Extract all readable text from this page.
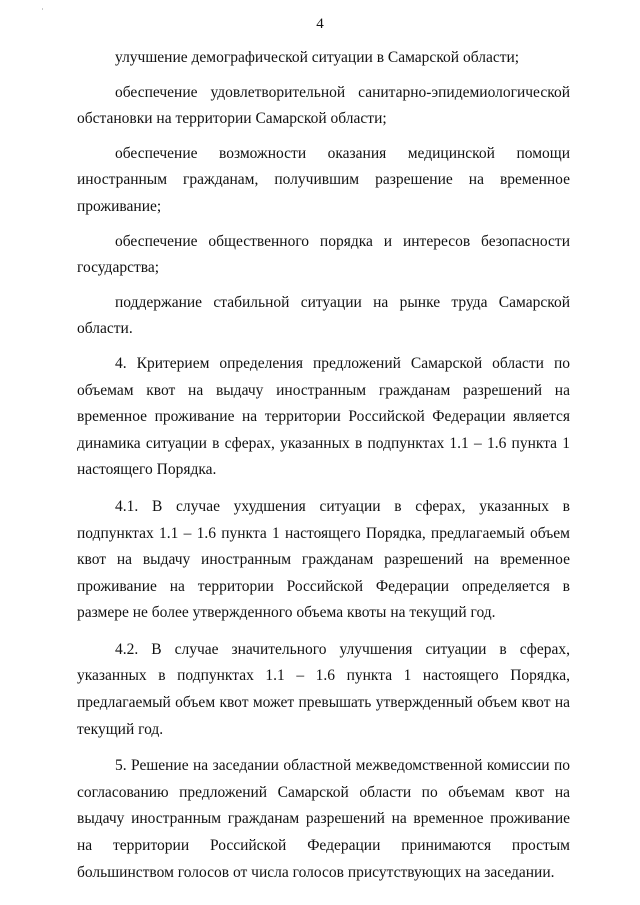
ʿ
4

улучшение демографической ситуации в Самарской области;

обеспечение удовлетворительной санитарно-эпидемиологической обстановки на территории Самарской области;

обеспечение возможности оказания медицинской помощи иностранным гражданам, получившим разрешение на временное проживание;

обеспечение общественного порядка и интересов безопасности государства;

поддержание стабильной ситуации на рынке труда Самарской области.

4. Критерием определения предложений Самарской области по объемам квот на выдачу иностранным гражданам разрешений на временное проживание на территории Российской Федерации является динамика ситуации в сферах, указанных в подпунктах 1.1 – 1.6 пункта 1 настоящего Порядка.

4.1. В случае ухудшения ситуации в сферах, указанных в подпунктах 1.1 – 1.6 пункта 1 настоящего Порядка, предлагаемый объем квот на выдачу иностранным гражданам разрешений на временное проживание на территории Российской Федерации определяется в размере не более утвержденного объема квоты на текущий год.

4.2. В случае значительного улучшения ситуации в сферах, указанных в подпунктах 1.1 – 1.6 пункта 1 настоящего Порядка, предлагаемый объем квот может превышать утвержденный объем квот на текущий год.

5. Решение на заседании областной межведомственной комиссии по согласованию предложений Самарской области по объемам квот на выдачу иностранным гражданам разрешений на временное проживание на территории Российской Федерации принимаются простым большинством голосов от числа голосов присутствующих на заседании.
